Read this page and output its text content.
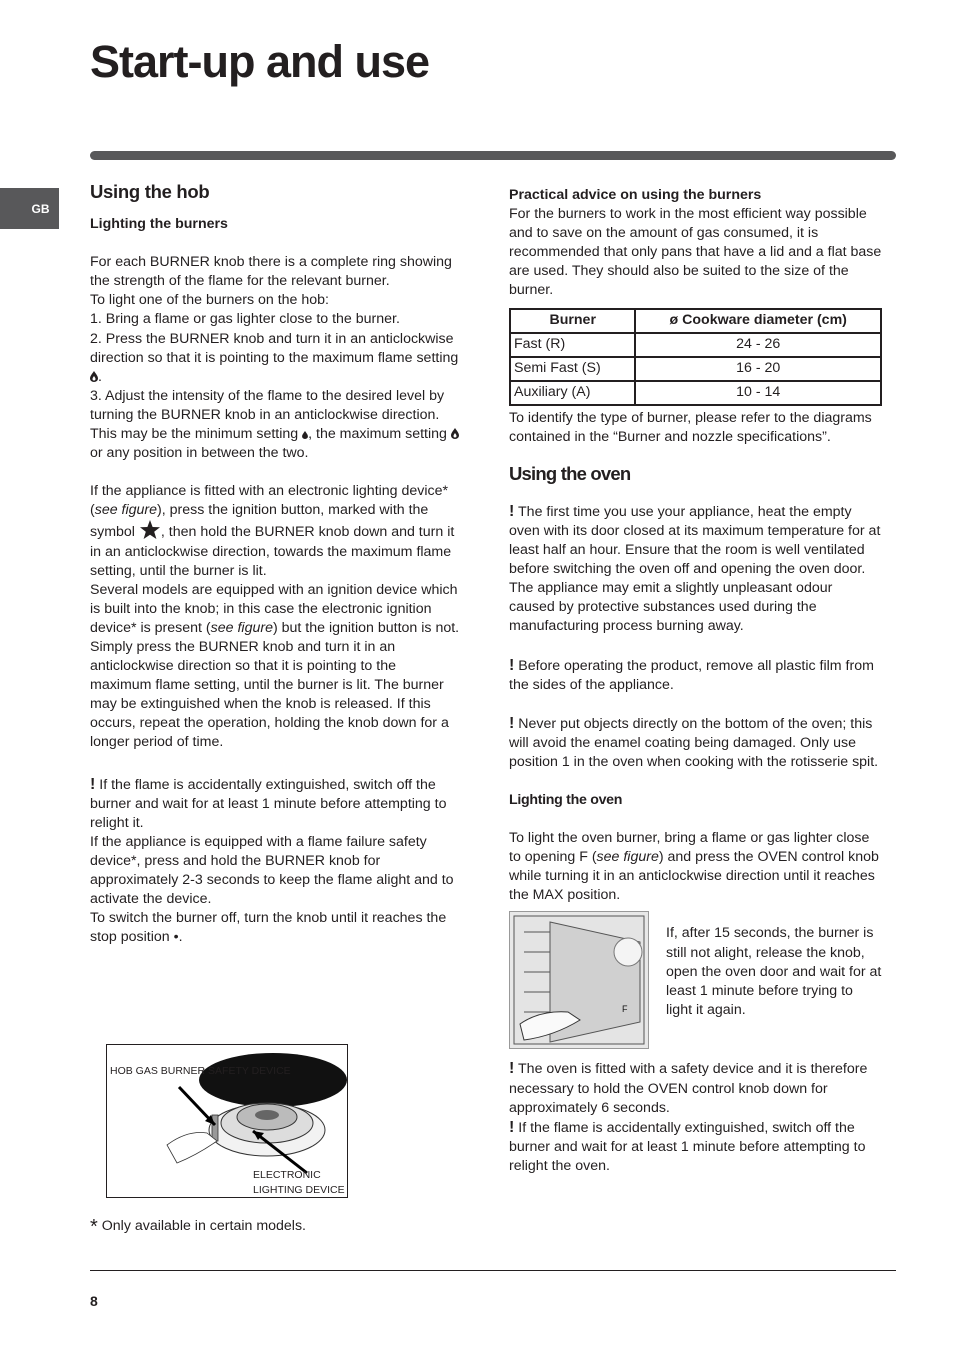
Start-up and use
GB
Using the hob
Lighting the burners

For each BURNER knob there is a complete ring showing the strength of the flame for the relevant burner.

To light one of the burners on the hob:

1. Bring a flame or gas lighter close to the burner.

2. Press the BURNER knob and turn it in an anticlockwise direction so that it is pointing to the maximum flame setting .

3. Adjust the intensity of the flame to the desired level by turning the BURNER knob in an anticlockwise direction. This may be the minimum setting , the maximum setting  or any position in between the two.

If the appliance is fitted with an electronic lighting device* (see figure), press the ignition button, marked with the symbol , then hold the BURNER knob down and turn it in an anticlockwise direction, towards the maximum flame setting, until the burner is lit.

Several models are equipped with an ignition device which is built into the knob; in this case the electronic ignition device* is present (see figure) but the ignition button is not. Simply press the BURNER knob and turn it in an anticlockwise direction so that it is pointing to the maximum flame setting, until the burner is lit. The burner may be extinguished when the knob is released. If this occurs, repeat the operation, holding the knob down for a longer period of time.

! If the flame is accidentally extinguished, switch off the burner and wait for at least 1 minute before attempting to relight it.

If the appliance is equipped with a flame failure safety device*, press and hold the BURNER knob for approximately 2-3 seconds to keep the flame alight and to activate the device.

To switch the burner off, turn the knob until it reaches the stop position •.

HOB GAS BURNER SAFETY DEVICE
ELECTRONIC LIGHTING DEVICE
* Only available in certain models.
Practical advice on using the burners

For the burners to work in the most efficient way possible and to save on the amount of gas consumed, it is recommended that only pans that have a lid and a flat base are used. They should also be suited to the size of the burner.

Burner	ø Cookware diameter (cm)
Fast (R)	24 - 26
Semi Fast (S)	16 - 20
Auxiliary (A)	10 - 14

To identify the type of burner, please refer to the diagrams contained in the “Burner and nozzle specifications”.

Using the oven

! The first time you use your appliance, heat the empty oven with its door closed at its maximum temperature for at least half an hour. Ensure that the room is well ventilated before switching the oven off and opening the oven door. The appliance may emit a slightly unpleasant odour caused by protective substances used during the manufacturing process burning away.

! Before operating the product, remove all plastic film from the sides of the appliance.

! Never put objects directly on the bottom of the oven; this will avoid the enamel coating being damaged. Only use position 1 in the oven when cooking with the rotisserie spit.

Lighting the oven

To light the oven burner, bring a flame or gas lighter close to opening F (see figure) and press the OVEN control knob while turning it in an anticlockwise direction until it reaches the MAX position.

F

If, after 15 seconds, the burner is still not alight, release the knob, open the oven door and wait for at least 1 minute before trying to light it again.

! The oven is fitted with a safety device and it is therefore necessary to hold the OVEN control knob down for approximately 6 seconds.

! If the flame is accidentally extinguished, switch off the burner and wait for at least 1 minute before attempting to relight the oven.

8
